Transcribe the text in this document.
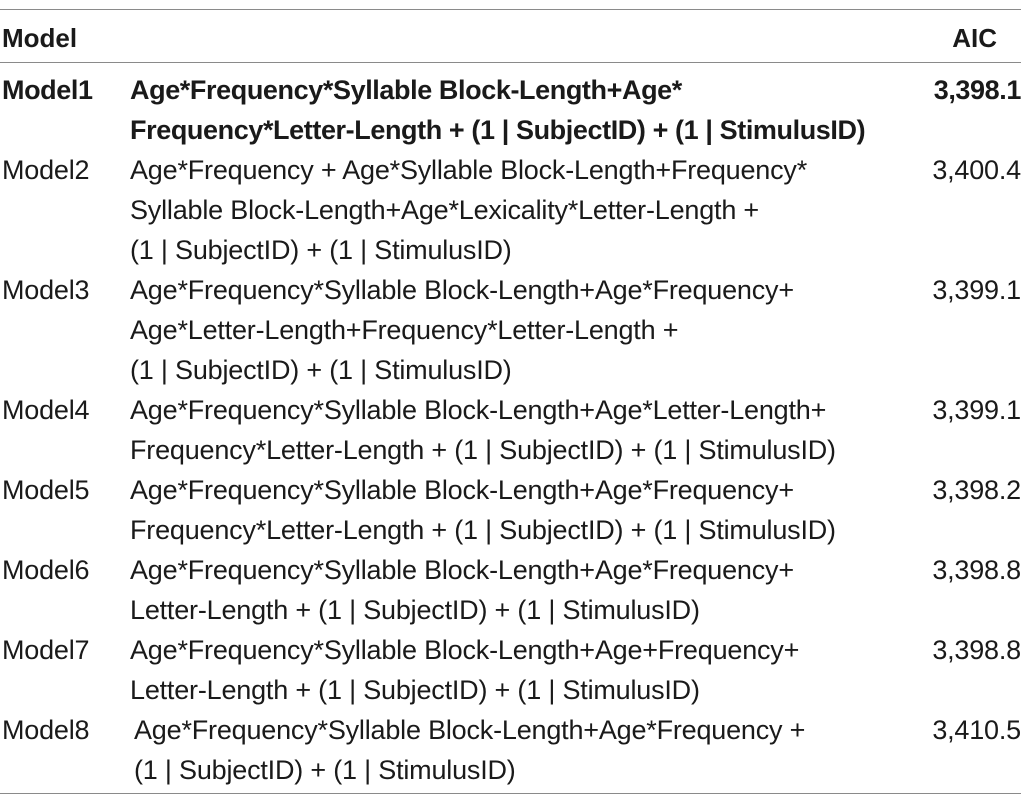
Model	AIC
Model1 Age*Frequency*Syllable Block-Length+Age*
Frequency*Letter-Length + (1 | SubjectID) + (1 | StimulusID)
3,398.1
Model2 Age*Frequency + Age*Syllable Block-Length+Frequency*
Syllable Block-Length+Age*Lexicality*Letter-Length +
(1 | SubjectID) + (1 | StimulusID)
3,400.4
Model3 Age*Frequency*Syllable Block-Length+Age*Frequency+
Age*Letter-Length+Frequency*Letter-Length +
(1 | SubjectID) + (1 | StimulusID)
3,399.1
Model4 Age*Frequency*Syllable Block-Length+Age*Letter-Length+
Frequency*Letter-Length + (1 | SubjectID) + (1 | StimulusID)
3,399.1
Model5 Age*Frequency*Syllable Block-Length+Age*Frequency+
Frequency*Letter-Length + (1 | SubjectID) + (1 | StimulusID)
3,398.2
Model6 Age*Frequency*Syllable Block-Length+Age*Frequency+
Letter-Length + (1 | SubjectID) + (1 | StimulusID)
3,398.8
Model7 Age*Frequency*Syllable Block-Length+Age+Frequency+
Letter-Length + (1 | SubjectID) + (1 | StimulusID)
3,398.8
Model8 Age*Frequency*Syllable Block-Length+Age*Frequency +
(1 | SubjectID) + (1 | StimulusID)
3,410.5
